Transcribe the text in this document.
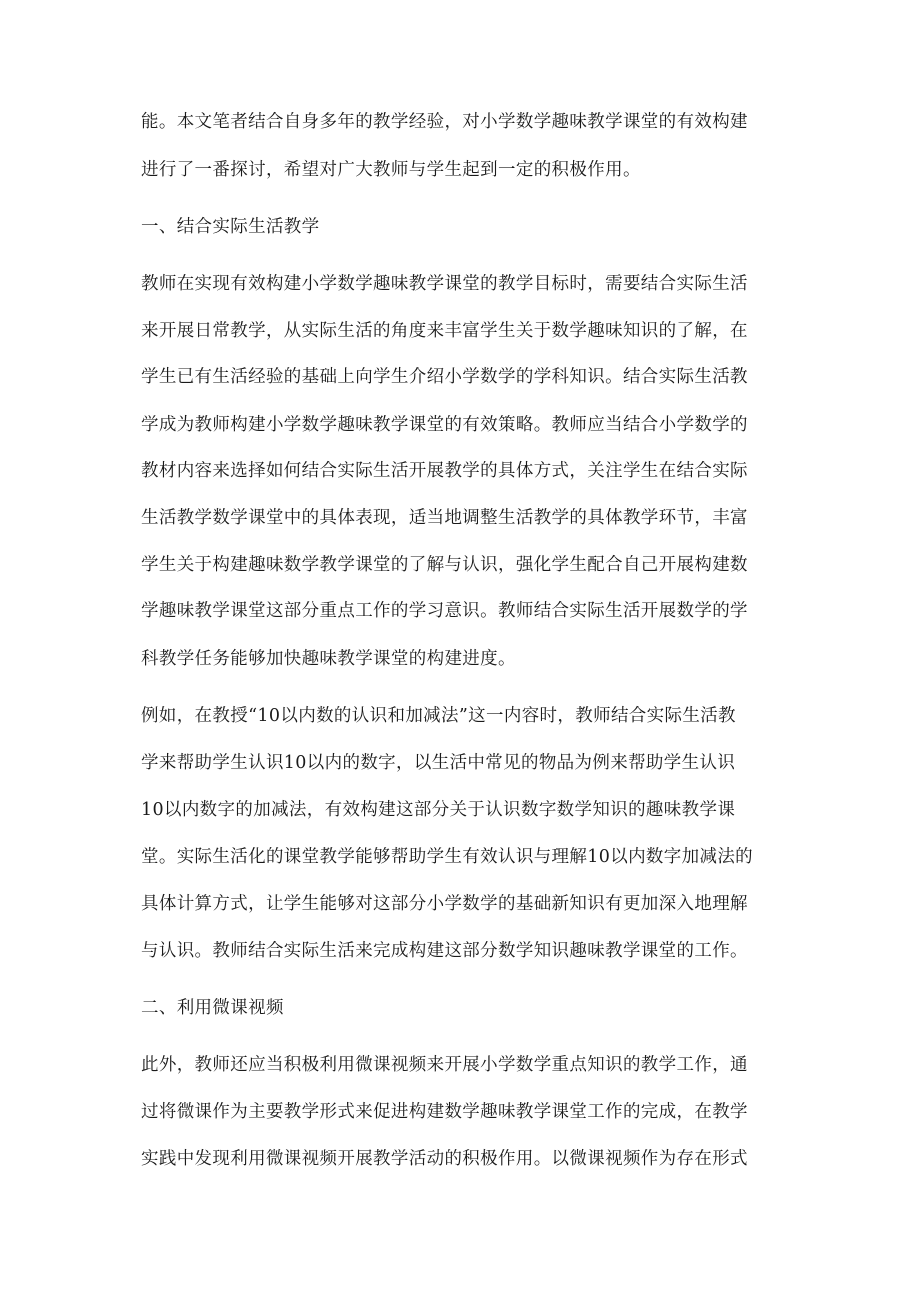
能。本文笔者结合自身多年的教学经验，对小学数学趣味教学课堂的有效构建
进行了一番探讨，希望对广大教师与学生起到一定的积极作用。
一、结合实际生活教学
教师在实现有效构建小学数学趣味教学课堂的教学目标时，需要结合实际生活
来开展日常教学，从实际生活的角度来丰富学生关于数学趣味知识的了解，在
学生已有生活经验的基础上向学生介绍小学数学的学科知识。结合实际生活教
学成为教师构建小学数学趣味教学课堂的有效策略。教师应当结合小学数学的
教材内容来选择如何结合实际生活开展教学的具体方式，关注学生在结合实际
生活教学数学课堂中的具体表现，适当地调整生活教学的具体教学环节，丰富
学生关于构建趣味数学教学课堂的了解与认识，强化学生配合自己开展构建数
学趣味教学课堂这部分重点工作的学习意识。教师结合实际生活开展数学的学
科教学任务能够加快趣味教学课堂的构建进度。
例如，在教授“10以内数的认识和加减法”这一内容时，教师结合实际生活教
学来帮助学生认识10以内的数字，以生活中常见的物品为例来帮助学生认识
10以内数字的加减法，有效构建这部分关于认识数字数学知识的趣味教学课
堂。实际生活化的课堂教学能够帮助学生有效认识与理解10以内数字加减法的
具体计算方式，让学生能够对这部分小学数学的基础新知识有更加深入地理解
与认识。教师结合实际生活来完成构建这部分数学知识趣味教学课堂的工作。
二、利用微课视频
此外，教师还应当积极利用微课视频来开展小学数学重点知识的教学工作，通
过将微课作为主要教学形式来促进构建数学趣味教学课堂工作的完成，在教学
实践中发现利用微课视频开展教学活动的积极作用。以微课视频作为存在形式
